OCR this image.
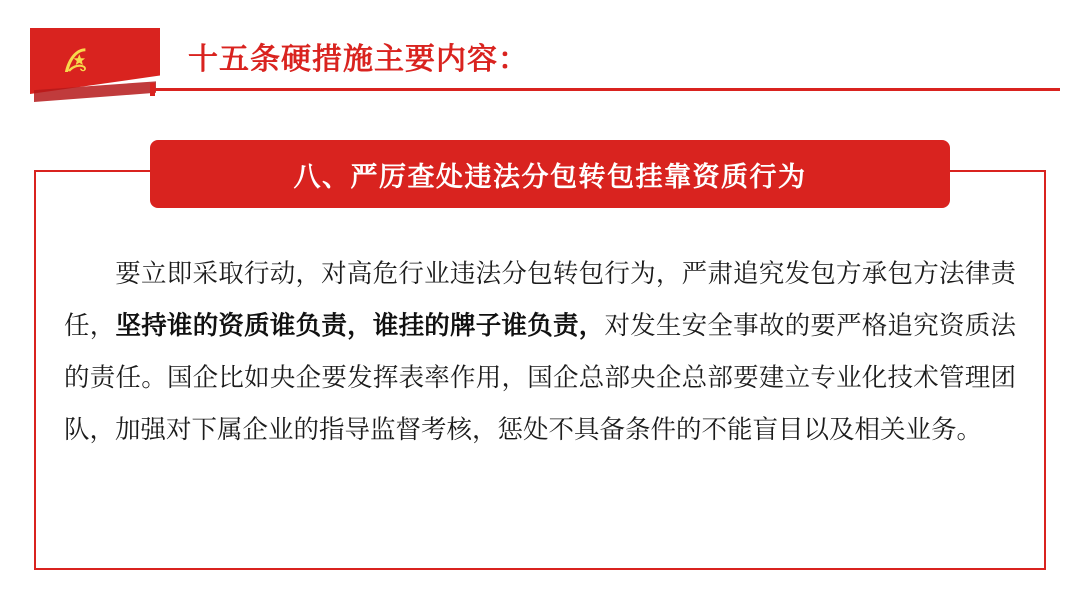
十五条硬措施主要内容：
八、严厉查处违法分包转包挂靠资质行为
要立即采取行动，对高危行业违法分包转包行为，严肃追究发包方承包方法律责任，坚持谁的资质谁负责，谁挂的牌子谁负责，对发生安全事故的要严格追究资质法的责任。国企比如央企要发挥表率作用，国企总部央企总部要建立专业化技术管理团队，加强对下属企业的指导监督考核，惩处不具备条件的不能盲目以及相关业务。
